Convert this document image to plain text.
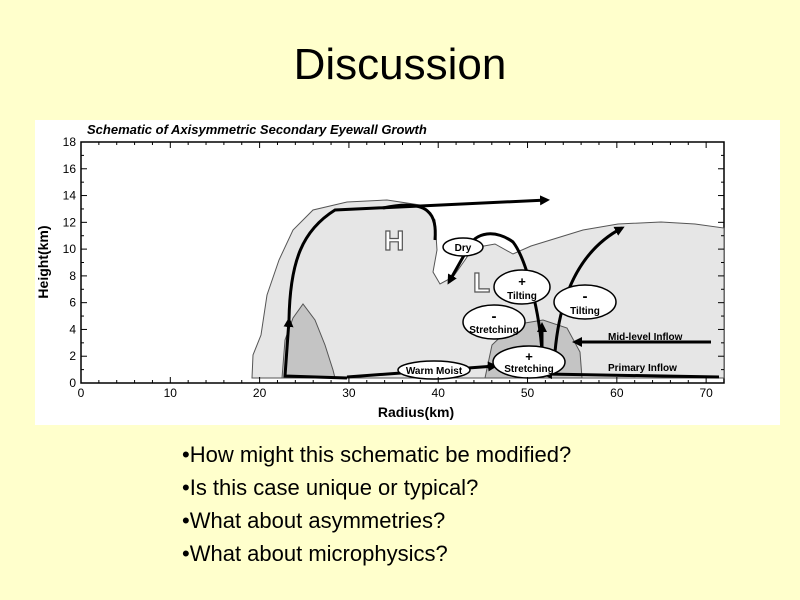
Discussion
Schematic of Axisymmetric Secondary Eyewall Growth
H
L
Dry
+
Tilting	-
Tilting
-
Stretching
+
Stretching
Warm Moist
Mid-level Inflow
Primary Inflow
0	10	20	30	40	50	60	70
0
2
4
6
8
10
12
14
16
18
Radius(km)
Height(km)
• How might this schematic be modified?
• Is this case unique or typical?
• What about asymmetries?
• What about microphysics?
